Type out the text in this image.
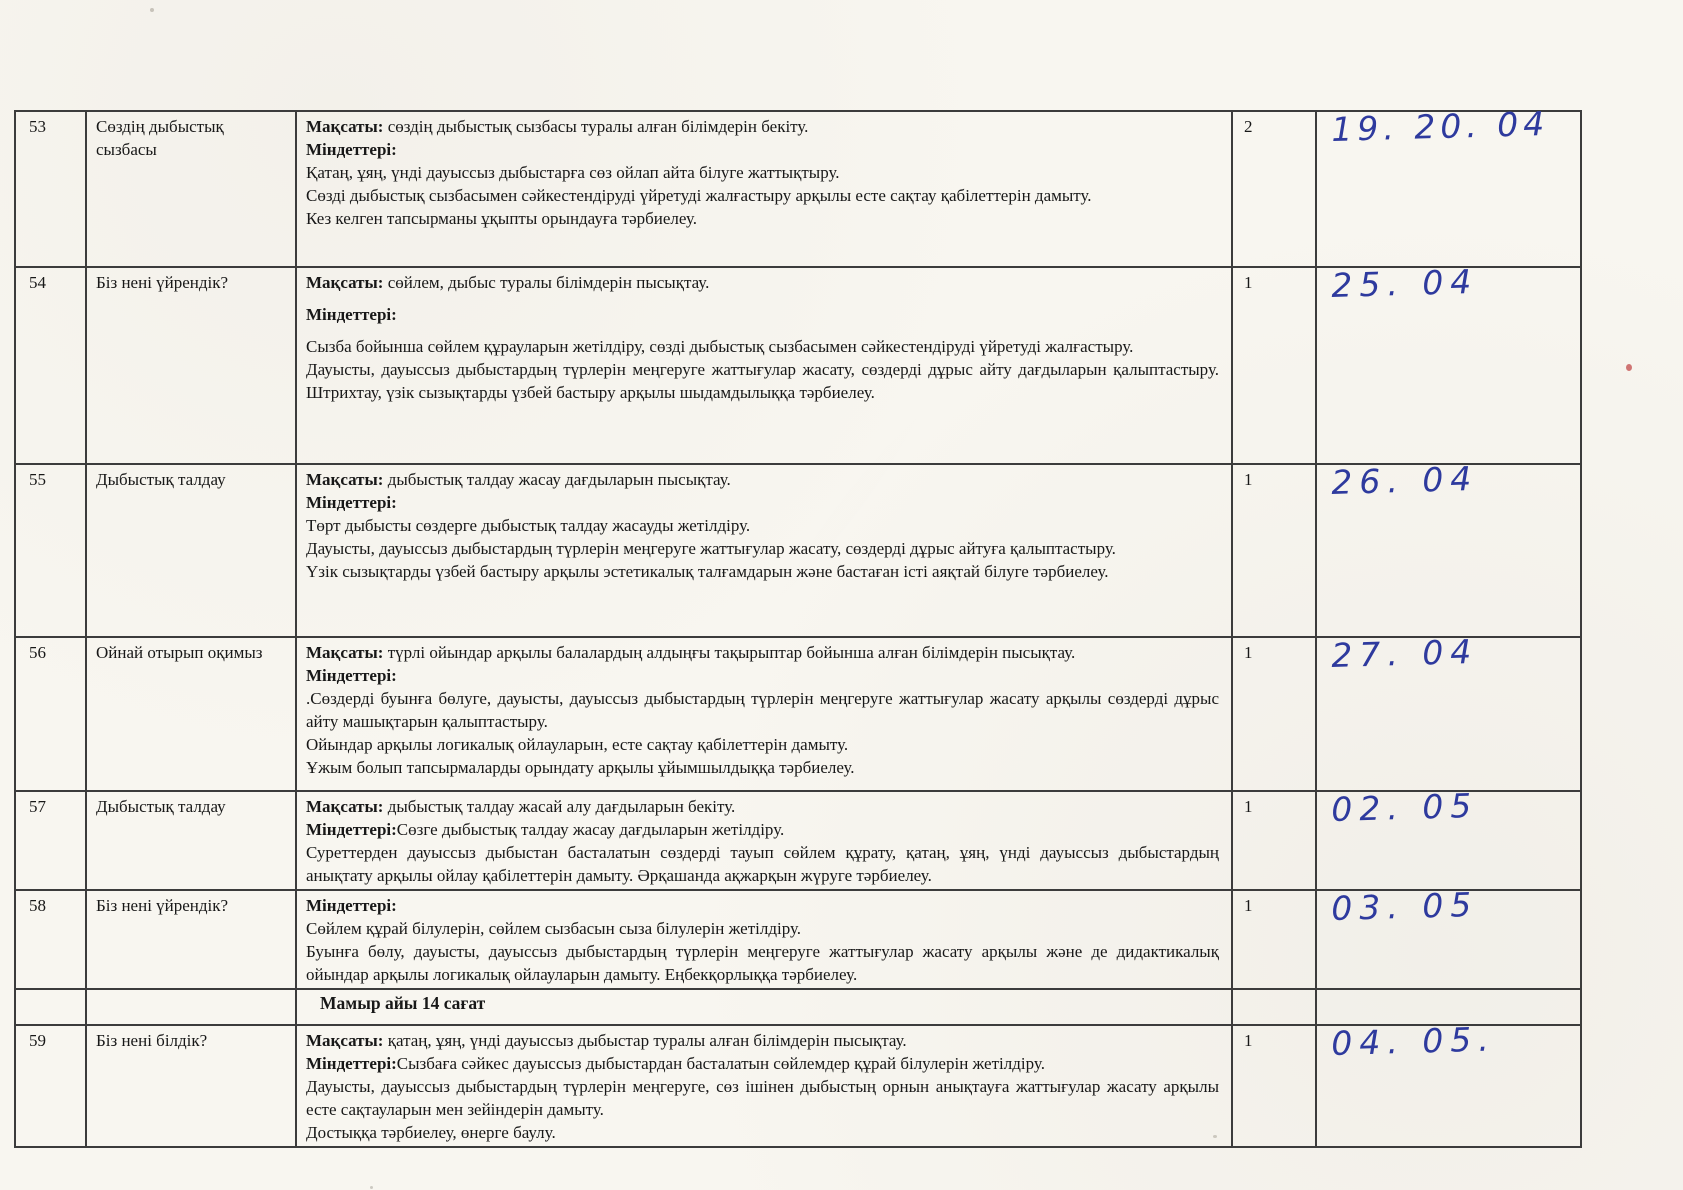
53	Сөздің дыбыстық сызбасы	Мақсаты: сөздің дыбыстық сызбасы туралы алған білімдерін бекіту.

Міндеттері:

Қатаң, ұяң, үнді дауыссыз дыбыстарға сөз ойлап айта білуге жаттықтыру.

Сөзді дыбыстық сызбасымен сәйкестендіруді үйретуді жалғастыру арқылы есте сақтау қабілеттерін дамыту.

Кез келген тапсырманы ұқыпты орындауға тәрбиелеу.	2	19. 20. 04
54	Біз нені үйрендік?	Мақсаты: сөйлем, дыбыс туралы білімдерін пысықтау.

Міндеттері:

Сызба бойынша сөйлем құрауларын жетілдіру, сөзді дыбыстық сызбасымен сәйкестендіруді үйретуді жалғастыру.

Дауысты, дауыссыз дыбыстардың түрлерін меңгеруге жаттығулар жасату, сөздерді дұрыс айту дағдыларын қалыптастыру. Штрихтау, үзік сызықтарды үзбей бастыру арқылы шыдамдылыққа тәрбиелеу.	1	25. 04
55	Дыбыстық талдау	Мақсаты: дыбыстық талдау жасау дағдыларын пысықтау.

Міндеттері:

Төрт дыбысты сөздерге дыбыстық талдау жасауды жетілдіру.

Дауысты, дауыссыз дыбыстардың түрлерін меңгеруге жаттығулар жасату, сөздерді дұрыс айтуға қалыптастыру.

Үзік сызықтарды үзбей бастыру арқылы эстетикалық талғамдарын және бастаған істі аяқтай білуге тәрбиелеу.	1	26. 04
56	Ойнай отырып оқимыз	Мақсаты: түрлі ойындар арқылы балалардың алдыңғы тақырыптар бойынша алған білімдерін пысықтау.

Міндеттері:

.Сөздерді буынға бөлуге, дауысты, дауыссыз дыбыстардың түрлерін меңгеруге жаттығулар жасату арқылы сөздерді дұрыс айту машықтарын қалыптастыру.

Ойындар арқылы логикалық ойлауларын, есте сақтау қабілеттерін дамыту.

Ұжым болып тапсырмаларды орындату арқылы ұйымшылдыққа тәрбиелеу.	1	27. 04
57	Дыбыстық талдау	Мақсаты: дыбыстық талдау жасай алу дағдыларын бекіту.

Міндеттері:Сөзге дыбыстық талдау жасау дағдыларын жетілдіру.

Суреттерден дауыссыз дыбыстан басталатын сөздерді тауып сөйлем құрату, қатаң, ұяң, үнді дауыссыз дыбыстардың анықтату арқылы ойлау қабілеттерін дамыту. Әрқашанда ақжарқын жүруге тәрбиелеу.	1	02. 05
58	Біз нені үйрендік?	Міндеттері:

Сөйлем құрай білулерін, сөйлем сызбасын сыза білулерін жетілдіру.

Буынға бөлу, дауысты, дауыссыз дыбыстардың түрлерін меңгеруге жаттығулар жасату арқылы және де дидактикалық ойындар арқылы логикалық ойлауларын дамыту. Еңбекқорлыққа тәрбиелеу.	1	03. 05
		Мамыр айы 14 сағат		
59	Біз нені білдік?	Мақсаты: қатаң, ұяң, үнді дауыссыз дыбыстар туралы алған білімдерін пысықтау.

Міндеттері:Сызбаға сәйкес дауыссыз дыбыстардан басталатын сөйлемдер құрай білулерін жетілдіру.

Дауысты, дауыссыз дыбыстардың түрлерін меңгеруге, сөз ішінен дыбыстың орнын анықтауға жаттығулар жасату арқылы есте сақтауларын мен зейіндерін дамыту.

Достыққа тәрбиелеу, өнерге баулу.	1	04. 05.
